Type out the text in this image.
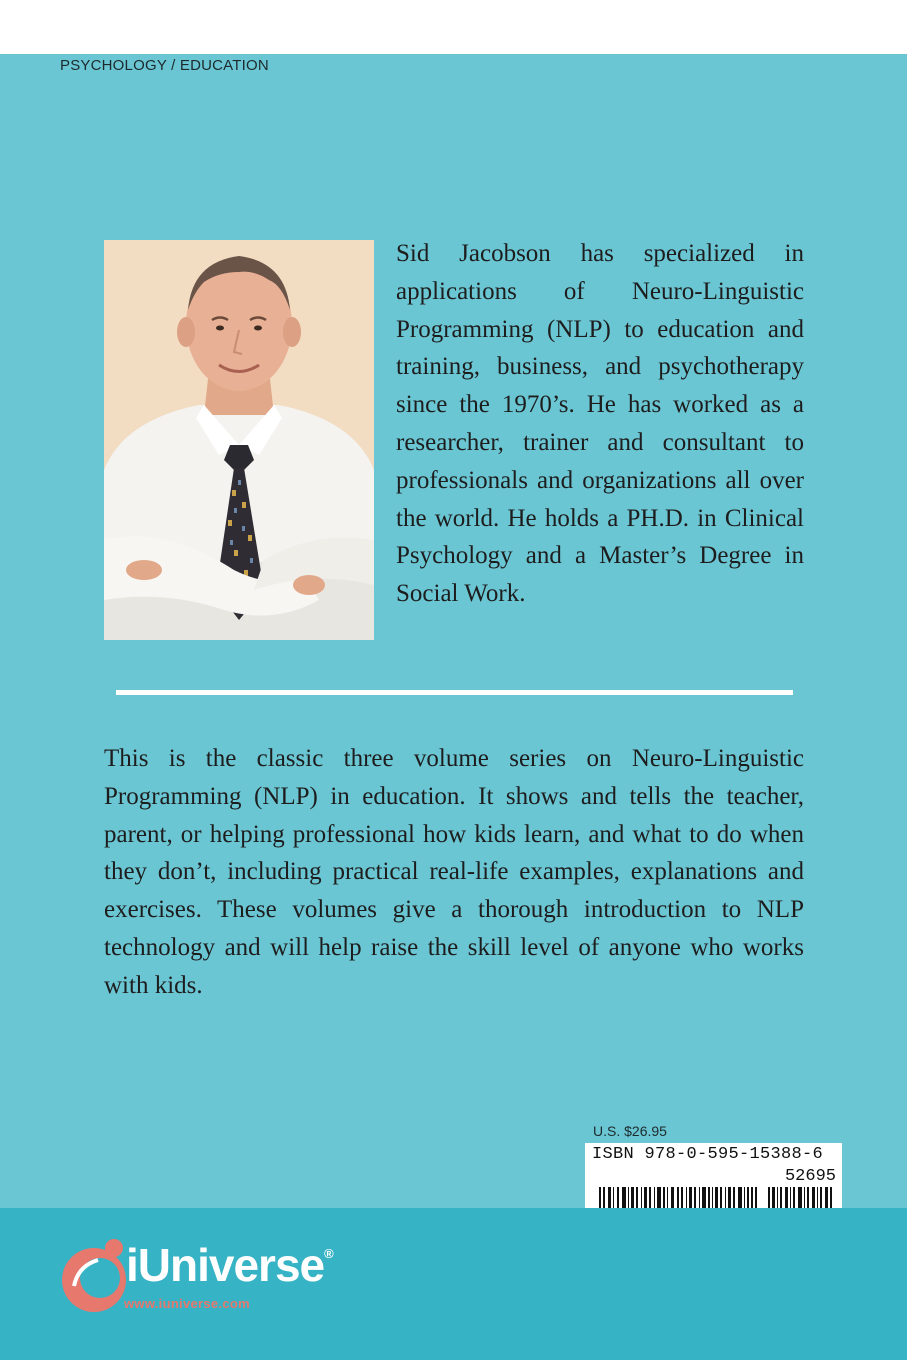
PSYCHOLOGY / EDUCATION

Sid Jacobson has specialized in applications of Neuro-Linguistic Programming (NLP) to education and training, business, and psychotherapy since the 1970’s. He has worked as a researcher, trainer and consultant to professionals and organizations all over the world. He holds a PH.D. in Clinical Psychology and a Master’s Degree in Social Work.

This is the classic three volume series on Neuro-Linguistic Programming (NLP) in education. It shows and tells the teacher, parent, or helping professional how kids learn, and what to do when they don’t, including practical real-life examples, explanations and exercises. These volumes give a thorough introduction to NLP technology and will help raise the skill level of anyone who works with kids.

U.S. $26.95
ISBN 978-0-595-15388-6
52695
iUniverse®
www.iuniverse.com
